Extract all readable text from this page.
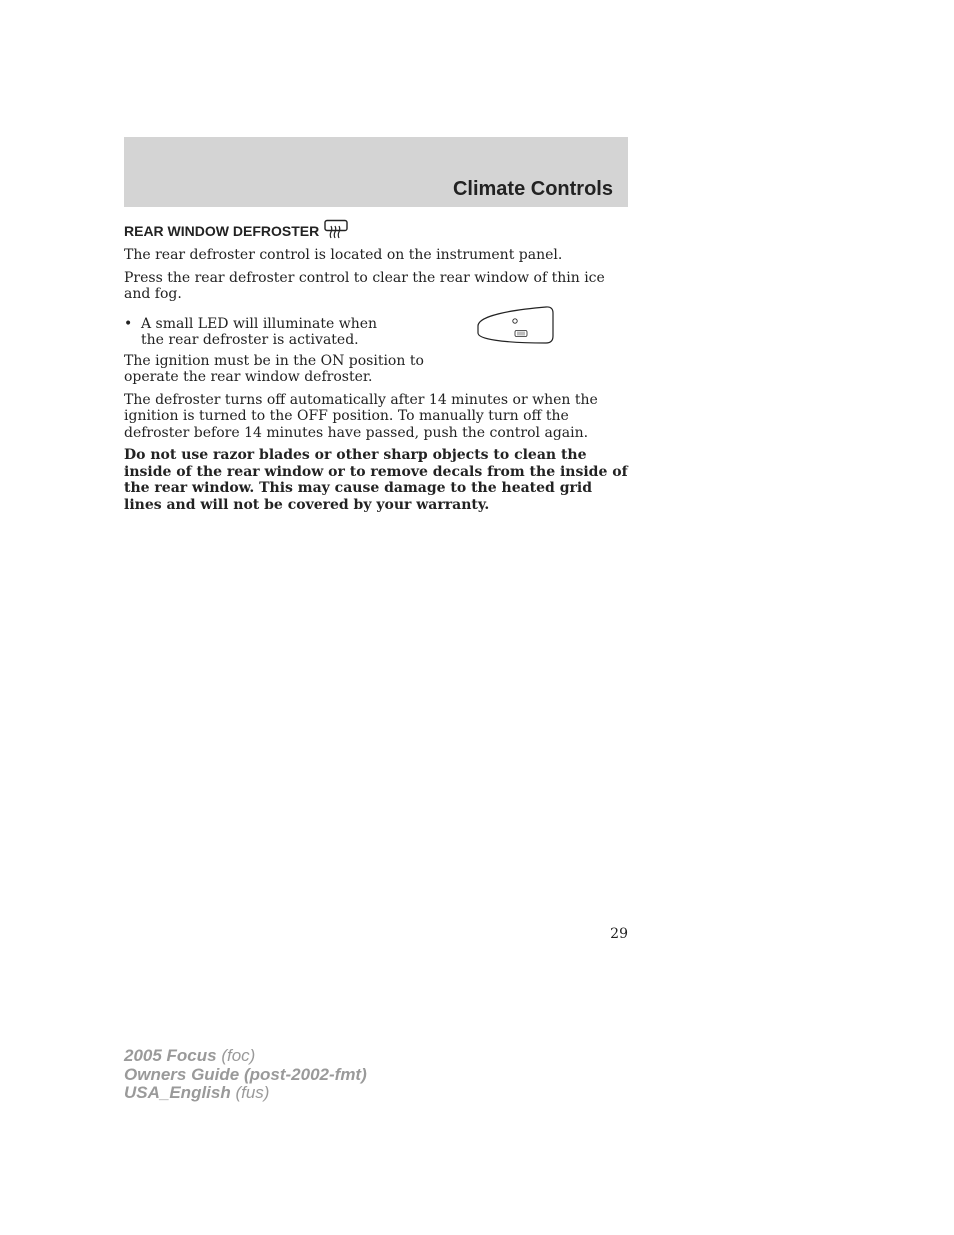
Climate Controls
REAR WINDOW DEFROSTER

The rear defroster control is located on the instrument panel.

Press the rear defroster control to clear the rear window of thin ice and fog.

• A small LED will illuminate when the rear defroster is activated.

The ignition must be in the ON position to operate the rear window defroster.

The defroster turns off automatically after 14 minutes or when the ignition is turned to the OFF position. To manually turn off the defroster before 14 minutes have passed, push the control again.

Do not use razor blades or other sharp objects to clean the inside of the rear window or to remove decals from the inside of the rear window. This may cause damage to the heated grid lines and will not be covered by your warranty.

29
2005 Focus (foc)
Owners Guide (post-2002-fmt)
USA_English (fus)
